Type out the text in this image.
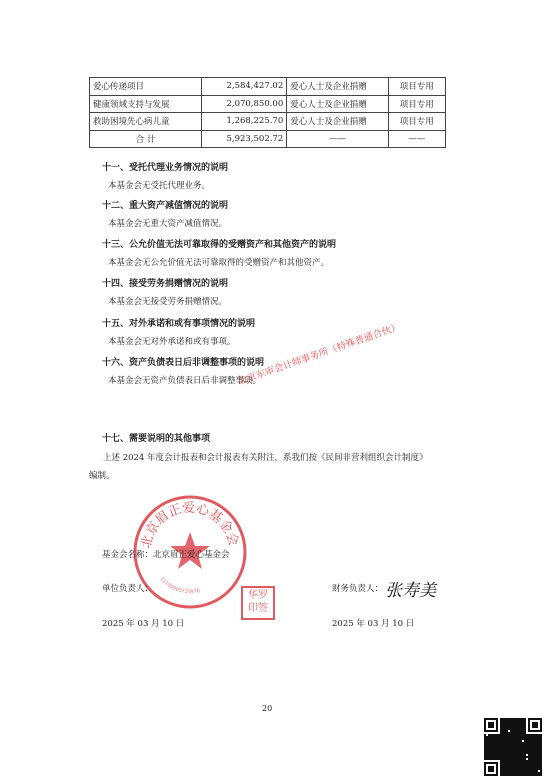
爱心传递项目	2,584,427.02	爱心人士及企业捐赠	项目专用
健康领域支持与发展	2,070,850.00	爱心人士及企业捐赠	项目专用
救助困境先心病儿童	1,268,225.70	爱心人士及企业捐赠	项目专用
合 计	5,923,502.72	——	——
十一、受托代理业务情况的说明
本基金会无受托代理业务。
十二、重大资产减值情况的说明
本基金会无重大资产减值情况。
十三、公允价值无法可靠取得的受赠资产和其他资产的说明
本基金会无公允价值无法可靠取得的受赠资产和其他资产。
十四、接受劳务捐赠情况的说明
本基金会无接受劳务捐赠情况。
十五、对外承诺和或有事项情况的说明
本基金会无对外承诺和或有事项。
十六、资产负债表日后非调整事项的说明
本基金会无资产负债表日后非调整事项。
十七、需要说明的其他事项
上述 2024 年度会计报表和会计报表有关附注，系我们按《民间非营利组织会计制度》
编制。
北京眉正爱心基金会
11100000715976
基金会名称：北京眉正爱心基金会
单位负责人：
华罗印签
财务负责人： 张寿美
2025 年 03 月 10 日	2025 年 03 月 10 日
北京东审会计师事务所（特殊普通合伙）
20
